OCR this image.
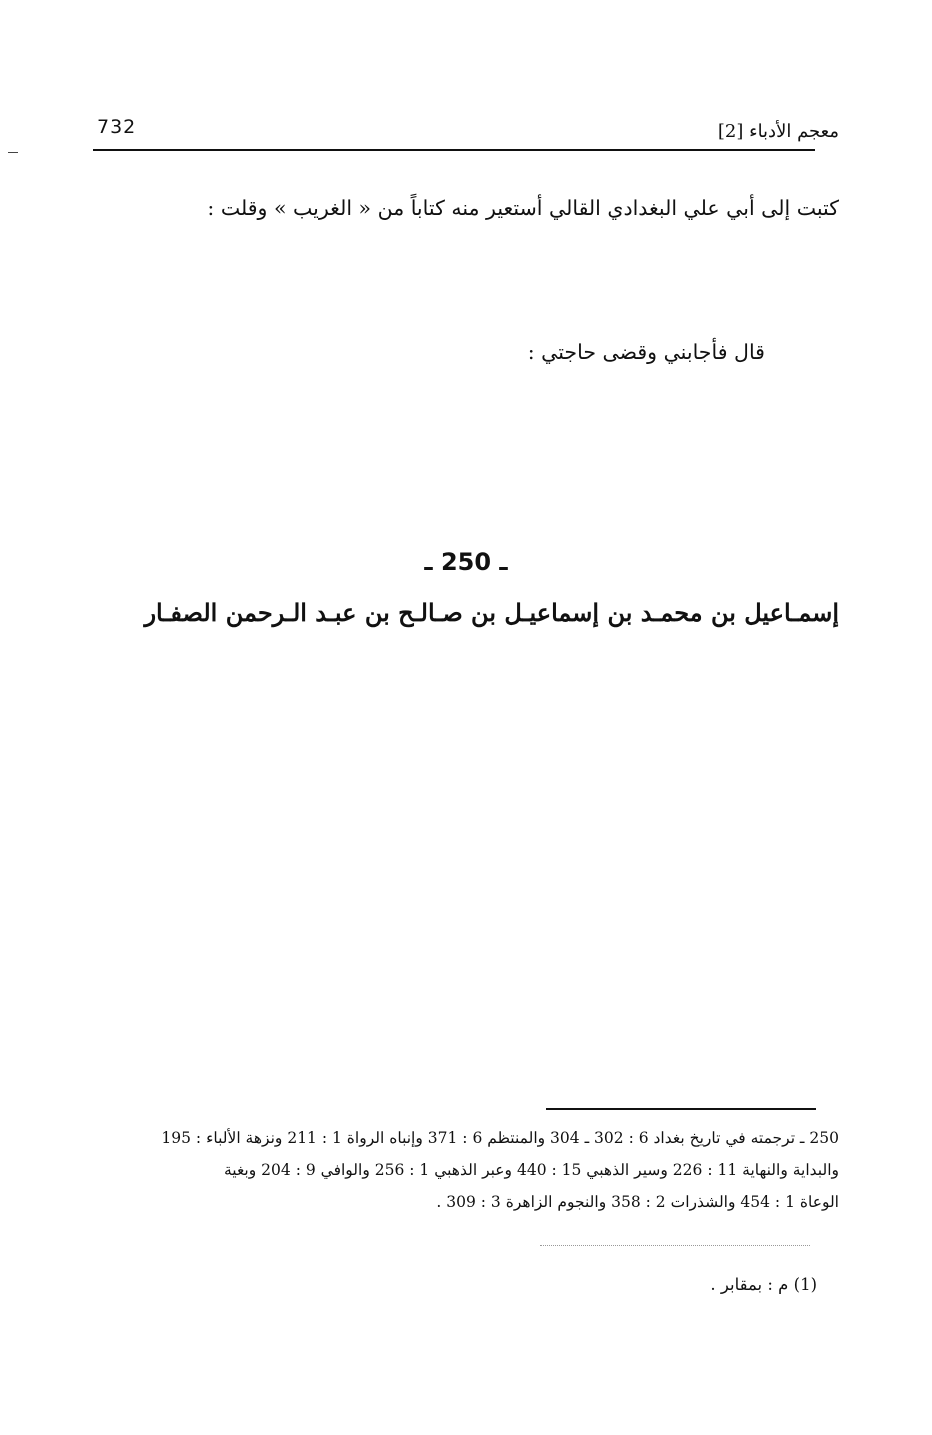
732	معجم الأدباء [2]
كتبت إلى أبي علي البغدادي القالي أستعير منه كتاباً من « الغريب » وقلت :
قال فأجابني وقضى حاجتي :
ـ 250 ـ
إسمـاعيل بن محمـد بن إسماعيـل بن صـالـح بن عبـد الـرحمن الصفـار
250 ـ ترجمته في تاريخ بغداد 6 : 302 ـ 304 والمنتظم 6 : 371 وإنباه الرواة 1 : 211 ونزهة الألباء : 195
والبداية والنهاية 11 : 226 وسير الذهبي 15 : 440 وعبر الذهبي 1 : 256 والوافي 9 : 204 وبغية
الوعاة 1 : 454 والشذرات 2 : 358 والنجوم الزاهرة 3 : 309 .
(1) م : بمقابر .
